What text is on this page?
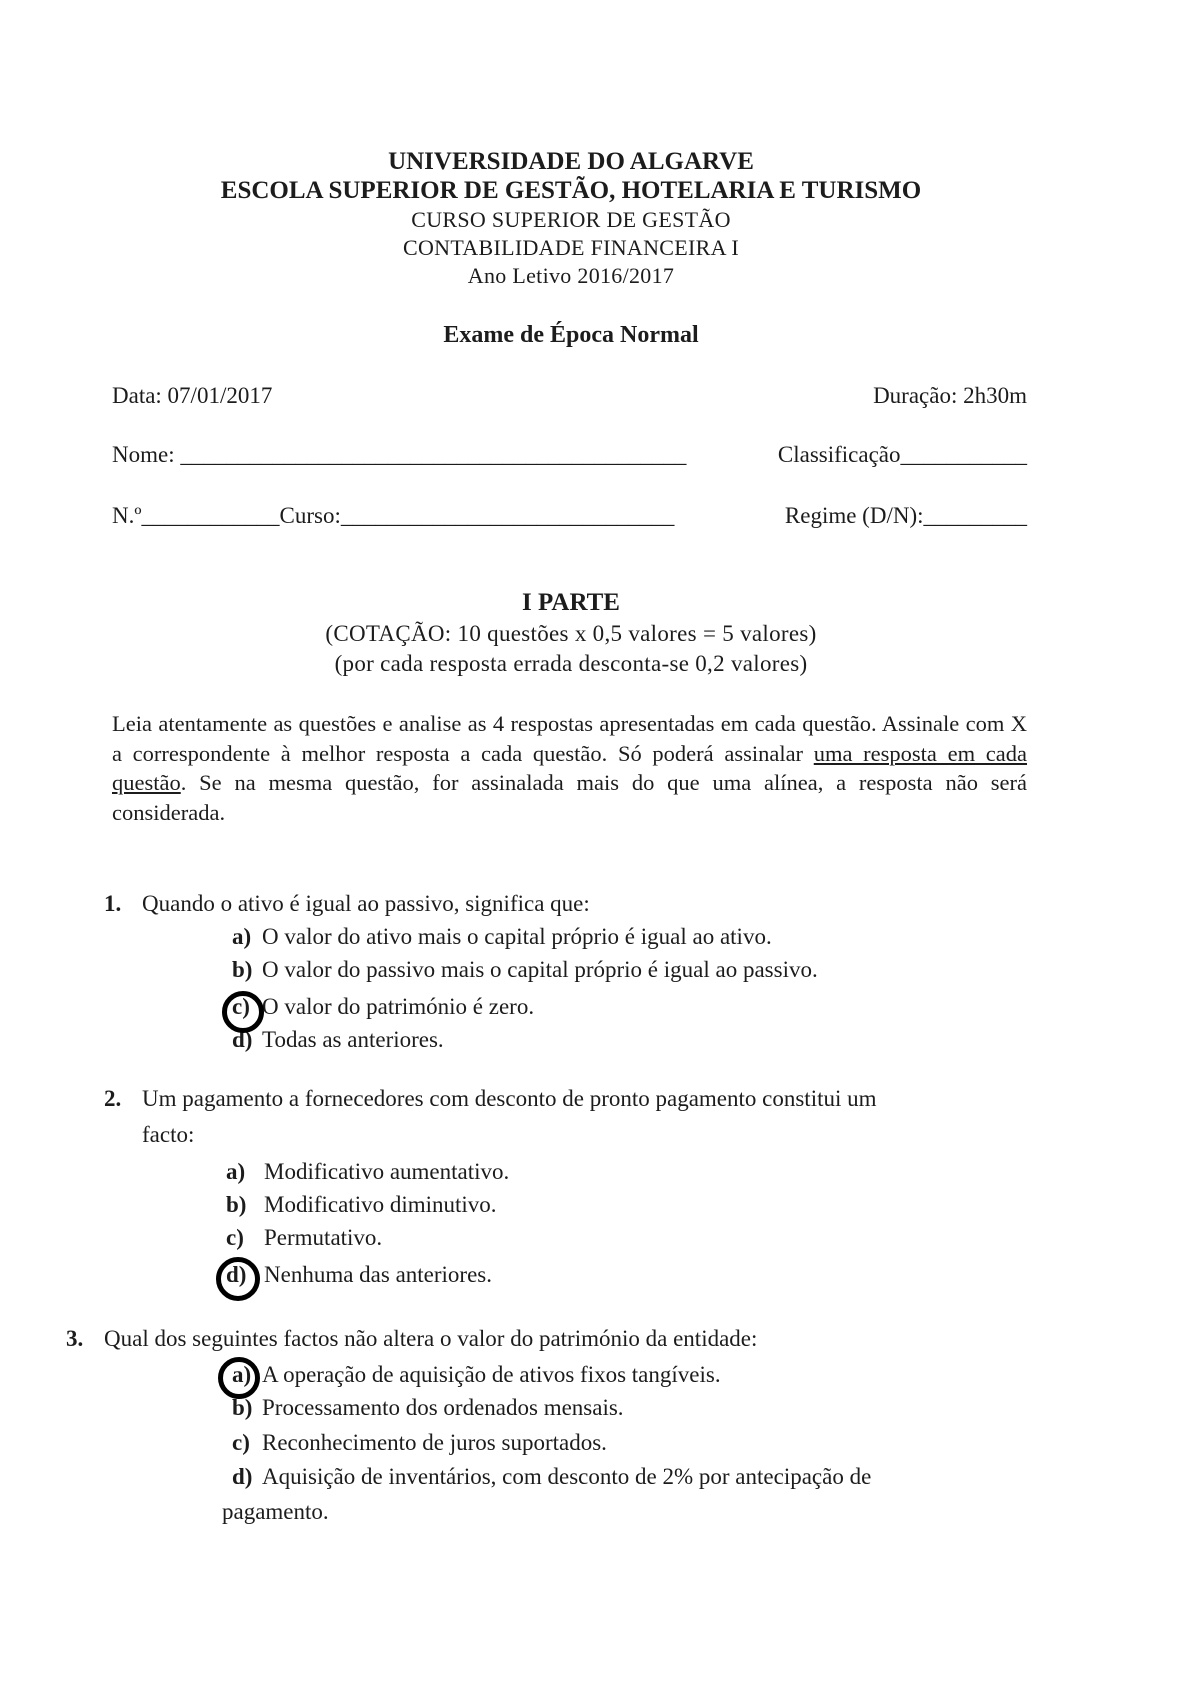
UNIVERSIDADE DO ALGARVE
ESCOLA SUPERIOR DE GESTÃO, HOTELARIA E TURISMO
CURSO SUPERIOR DE GESTÃO
CONTABILIDADE FINANCEIRA I
Ano Letivo 2016/2017
Exame de Época Normal
Data: 07/01/2017	Duração: 2h30m
Nome: ____________________________________________	Classificação___________
N.º____________Curso:_____________________________	Regime (D/N):_________
I PARTE
(COTAÇÃO: 10 questões x 0,5 valores = 5 valores)
(por cada resposta errada desconta-se 0,2 valores)
Leia atentamente as questões e analise as 4 respostas apresentadas em cada questão. Assinale com X a correspondente à melhor resposta a cada questão. Só poderá assinalar uma resposta em cada questão. Se na mesma questão, for assinalada mais do que uma alínea, a resposta não será considerada.
1. Quando o ativo é igual ao passivo, significa que:
a) O valor do ativo mais o capital próprio é igual ao ativo.
b) O valor do passivo mais o capital próprio é igual ao passivo.
c) O valor do património é zero.
d) Todas as anteriores.
2. Um pagamento a fornecedores com desconto de pronto pagamento constitui um
facto:
a) Modificativo aumentativo.
b) Modificativo diminutivo.
c) Permutativo.
d) Nenhuma das anteriores.
3. Qual dos seguintes factos não altera o valor do património da entidade:
a) A operação de aquisição de ativos fixos tangíveis.
b) Processamento dos ordenados mensais.
c) Reconhecimento de juros suportados.
d) Aquisição de inventários, com desconto de 2% por antecipação de
pagamento.
